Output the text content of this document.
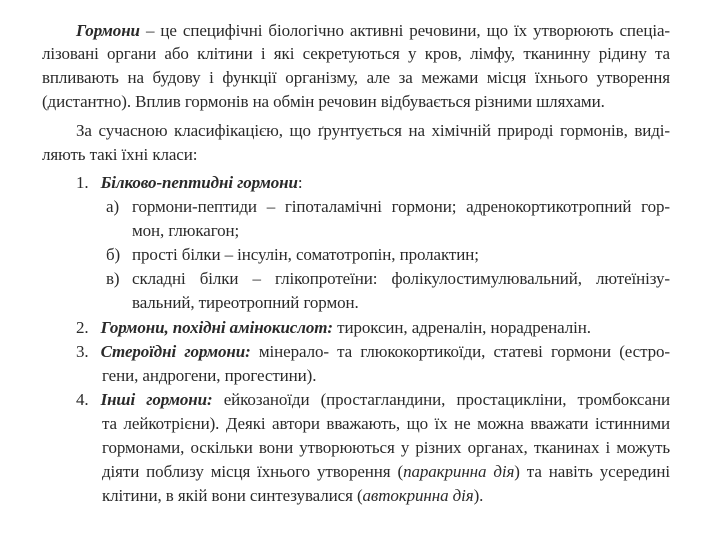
Гормони – це специфічні біологічно активні речовини, що їх утворюють спеціа-
лізовані органи або клітини і які секретуються у кров, лімфу, тканинну рідину та
впливають на будову і функції організму, але за межами місця їхнього утворення
(дистантно). Вплив гормонів на обмін речовин відбувається різними шляхами.
За сучасною класифікацією, що ґрунтується на хімічній природі гормонів, виді-
ляють такі їхні класи:
1. Білково-пептидні гормони:
а) гормони-пептиди – гіпоталамічні гормони; адренокортикотропний гор-
мон, глюкагон;
б) прості білки – інсулін, соматотропін, пролактин;
в) складні білки – глікопротеїни: фолікулостимулювальний, лютеїнізу-
вальний, тиреотропний гормон.
2. Гормони, похідні амінокислот: тироксин, адреналін, норадреналін.
3. Стероїдні гормони: мінерало- та глюкокортикоїди, статеві гормони (естро-
гени, андрогени, прогестини).
4. Інші гормони: ейкозаноїди (простагландини, простацикліни, тромбоксани
та лейкотрієни). Деякі автори вважають, що їх не можна вважати істинними
гормонами, оскільки вони утворюються у різних органах, тканинах і можуть
діяти поблизу місця їхнього утворення (паракринна дія) та навіть усередині
клітини, в якій вони синтезувалися (автокринна дія).
